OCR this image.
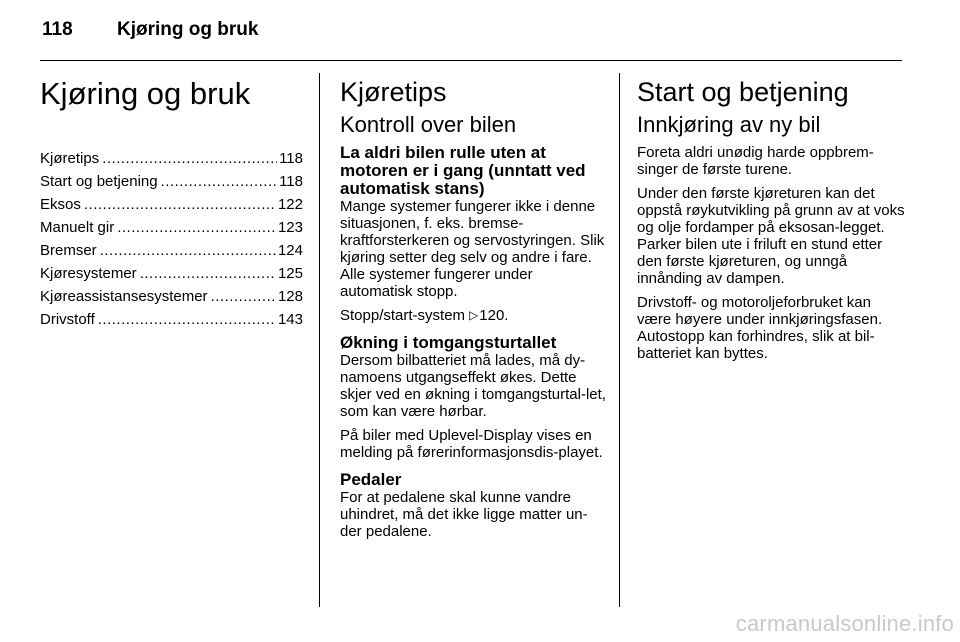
118 Kjøring og bruk
Kjøring og bruk
Kjøretips .....	118
Start og betjening .....	118
Eksos .....	122
Manuelt gir .....	123
Bremser .....	124
Kjøresystemer .....	125
Kjøreassistansesystemer .....	128
Drivstoff .....	143
Kjøretips
Kontroll over bilen
La aldri bilen rulle uten at motoren er i gang (unntatt ved automatisk stans)

Mange systemer fungerer ikke i denne situasjonen, f. eks. bremse-kraftforsterkeren og servostyringen. Slik kjøring setter deg selv og andre i fare. Alle systemer fungerer under automatisk stopp.

Stopp/start-system ▷120.

Økning i tomgangsturtallet

Dersom bilbatteriet må lades, må dy-namoens utgangseffekt økes. Dette skjer ved en økning i tomgangsturtal-let, som kan være hørbar.

På biler med Uplevel-Display vises en melding på førerinformasjonsdis-playet.

Pedaler

For at pedalene skal kunne vandre uhindret, må det ikke ligge matter un-der pedalene.

Start og betjening
Innkjøring av ny bil

Foreta aldri unødig harde oppbrem-singer de første turene.

Under den første kjøreturen kan det oppstå røykutvikling på grunn av at voks og olje fordamper på eksosan-legget. Parker bilen ute i friluft en stund etter den første kjøreturen, og unngå innånding av dampen.

Drivstoff- og motoroljeforbruket kan være høyere under innkjøringsfasen. Autostopp kan forhindres, slik at bil-batteriet kan byttes.

carmanualsonline.info
